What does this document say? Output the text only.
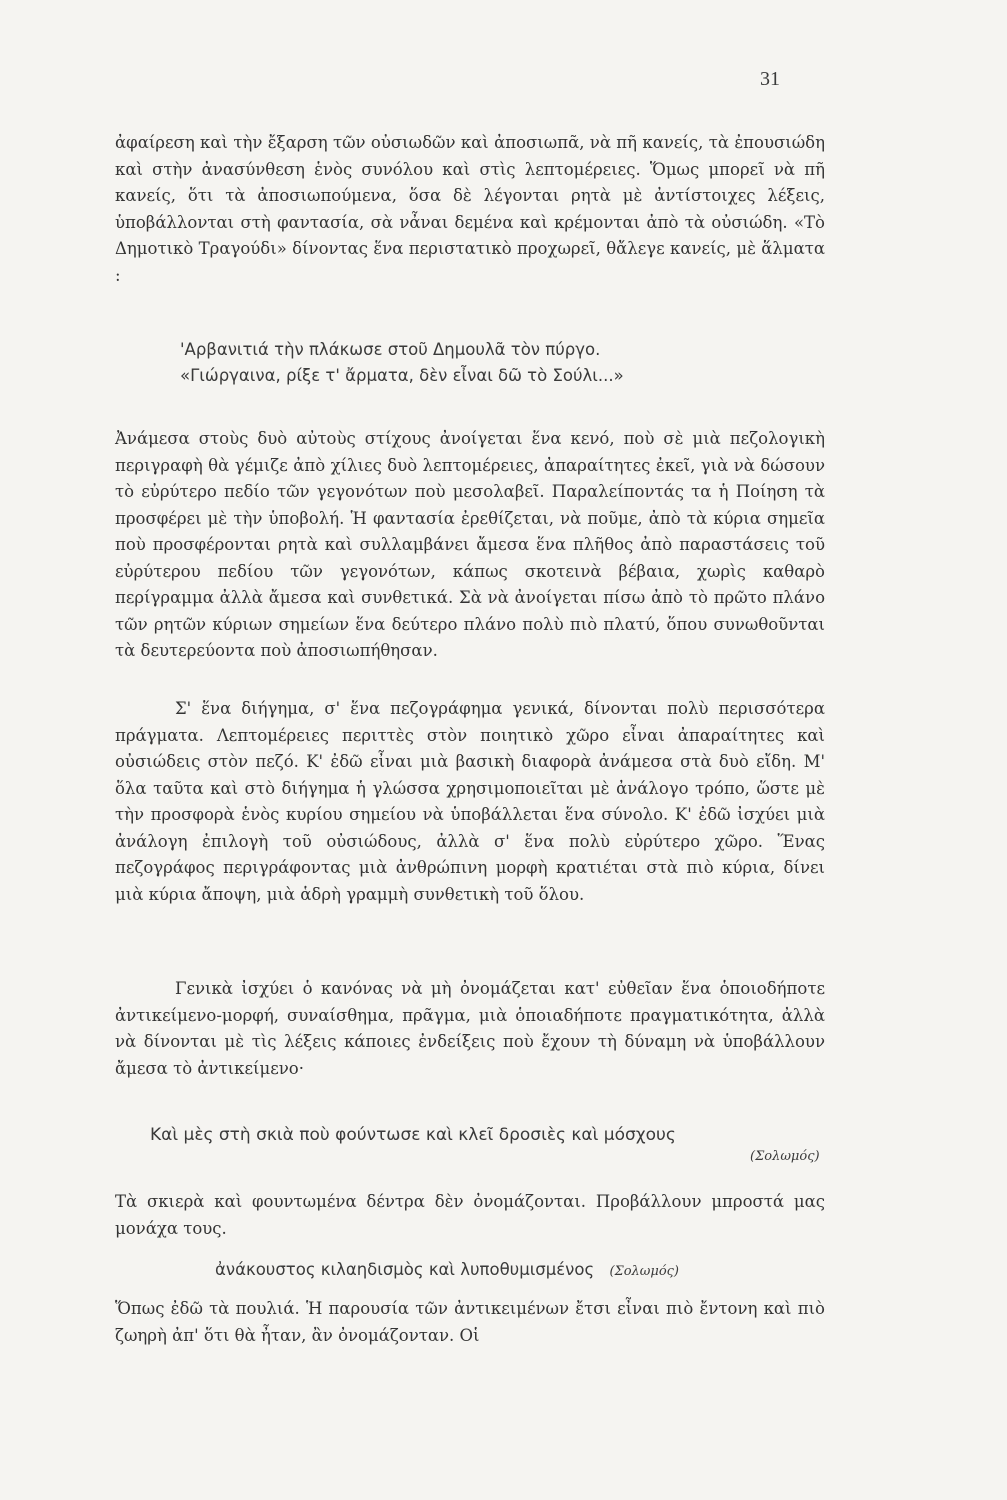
31

ἀφαίρεση καὶ τὴν ἔξαρση τῶν οὐσιωδῶν καὶ ἀποσιωπᾶ, νὰ πῆ κανείς, τὰ ἐπουσιώδη καὶ στὴν ἀνασύνθεση ἑνὸς συνόλου καὶ στὶς λεπτομέρειες. Ὅμως μπορεῖ νὰ πῆ κανείς, ὅτι τὰ ἀποσιωπούμενα, ὅσα δὲ λέγονται ρητὰ μὲ ἀντίστοιχες λέξεις, ὑποβάλλονται στὴ φαντασία, σὰ νἆναι δεμένα καὶ κρέμονται ἀπὸ τὰ οὐσιώδη. «Τὸ Δημοτικὸ Τραγούδι» δίνοντας ἕνα περιστατικὸ προχωρεῖ, θἄλεγε κανείς, μὲ ἅλματα :

'Αρβανιτιά τὴν πλάκωσε στοῦ Δημουλᾶ τὸν πύργο.
«Γιώργαινα, ρίξε τ' ἄρματα, δὲν εἶναι δῶ τὸ Σούλι...»

Ἀνάμεσα στοὺς δυὸ αὐτοὺς στίχους ἀνοίγεται ἕνα κενό, ποὺ σὲ μιὰ πεζολογικὴ περιγραφὴ θὰ γέμιζε ἀπὸ χίλιες δυὸ λεπτομέρειες, ἀπαραίτητες ἐκεῖ, γιὰ νὰ δώσουν τὸ εὐρύτερο πεδίο τῶν γεγονότων ποὺ μεσολαβεῖ. Παραλείποντάς τα ἡ Ποίηση τὰ προσφέρει μὲ τὴν ὑποβολή. Ἡ φαντασία ἐρεθίζεται, νὰ ποῦμε, ἀπὸ τὰ κύρια σημεῖα ποὺ προσφέρονται ρητὰ καὶ συλλαμβάνει ἄμεσα ἕνα πλῆθος ἀπὸ παραστάσεις τοῦ εὐρύτερου πεδίου τῶν γεγονότων, κάπως σκοτεινὰ βέβαια, χωρὶς καθαρὸ περίγραμμα ἀλλὰ ἄμεσα καὶ συνθετικά. Σὰ νὰ ἀνοίγεται πίσω ἀπὸ τὸ πρῶτο πλάνο τῶν ρητῶν κύριων σημείων ἕνα δεύτερο πλάνο πολὺ πιὸ πλατύ, ὅπου συνωθοῦνται τὰ δευτερεύοντα ποὺ ἀποσιωπήθησαν.

Σ' ἕνα διήγημα, σ' ἕνα πεζογράφημα γενικά, δίνονται πολὺ περισσότερα πράγματα. Λεπτομέρειες περιττὲς στὸν ποιητικὸ χῶρο εἶναι ἀπαραίτητες καὶ οὐσιώδεις στὸν πεζό. Κ' ἐδῶ εἶναι μιὰ βασικὴ διαφορὰ ἀνάμεσα στὰ δυὸ εἴδη. Μ' ὅλα ταῦτα καὶ στὸ διήγημα ἡ γλώσσα χρησιμοποιεῖται μὲ ἀνάλογο τρόπο, ὥστε μὲ τὴν προσφορὰ ἑνὸς κυρίου σημείου νὰ ὑποβάλλεται ἕνα σύνολο. Κ' ἐδῶ ἰσχύει μιὰ ἀνάλογη ἐπιλογὴ τοῦ οὐσιώδους, ἀλλὰ σ' ἕνα πολὺ εὐρύτερο χῶρο. Ἕνας πεζογράφος περιγράφοντας μιὰ ἀνθρώπινη μορφὴ κρατιέται στὰ πιὸ κύρια, δίνει μιὰ κύρια ἄποψη, μιὰ ἁδρὴ γραμμὴ συνθετικὴ τοῦ ὅλου.

Γενικὰ ἰσχύει ὁ κανόνας νὰ μὴ ὀνομάζεται κατ' εὐθεῖαν ἕνα ὁποιοδήποτε ἀντικείμενο-μορφή, συναίσθημα, πρᾶγμα, μιὰ ὁποιαδήποτε πραγματικότητα, ἀλλὰ νὰ δίνονται μὲ τὶς λέξεις κάποιες ἐνδείξεις ποὺ ἔχουν τὴ δύναμη νὰ ὑποβάλλουν ἄμεσα τὸ ἀντικείμενο·

Καὶ μὲς στὴ σκιὰ ποὺ φούντωσε καὶ κλεῖ δροσιὲς καὶ μόσχους
(Σολωμός)

Τὰ σκιερὰ καὶ φουντωμένα δέντρα δὲν ὀνομάζονται. Προβάλλουν μπροστά μας μονάχα τους.

ἀνάκουστος κιλαηδισμὸς καὶ λυποθυμισμένος (Σολωμός)

Ὅπως ἐδῶ τὰ πουλιά. Ἡ παρουσία τῶν ἀντικειμένων ἔτσι εἶναι πιὸ ἔντονη καὶ πιὸ ζωηρὴ ἀπ' ὅτι θὰ ἦταν, ἂν ὀνομάζονταν. Οἱ
